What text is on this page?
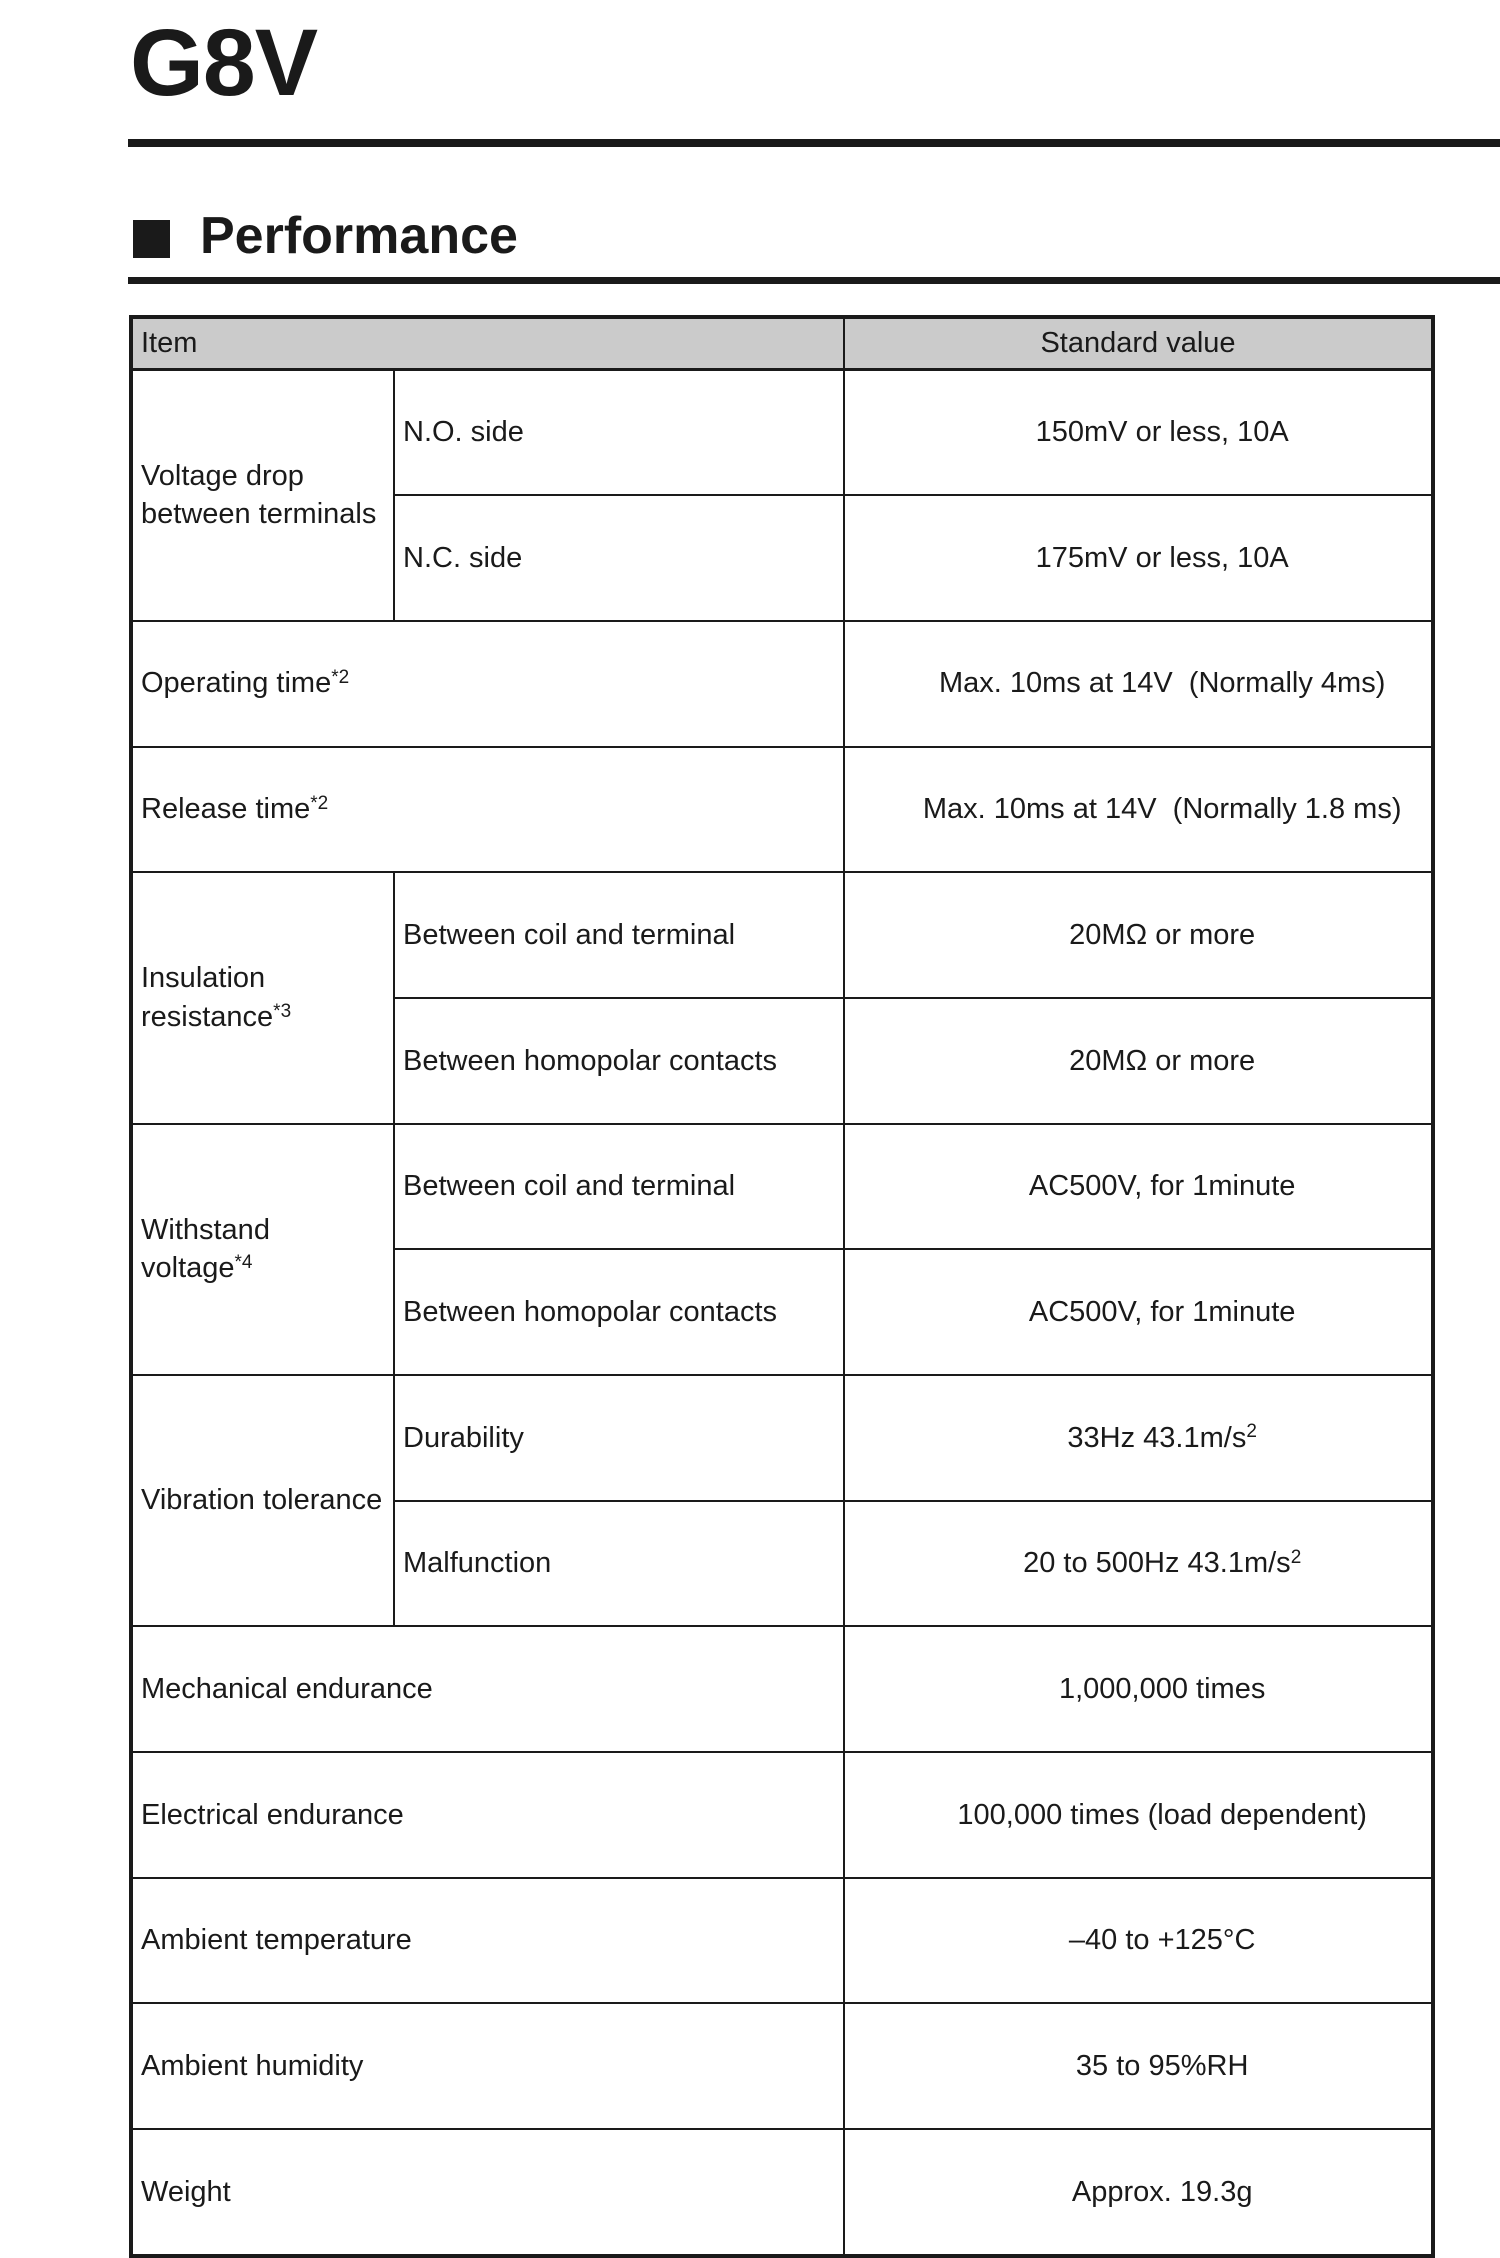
G8V
Performance
Item		Standard value
Voltage drop between terminals	N.O. side	150mV or less, 10A

	N.C. side	175mV or less, 10A

Operating time$^{*2}$		Max. 10ms at 14V  (Normally 4ms)

Release time$^{*2}$		Max. 10ms at 14V  (Normally 1.8 ms)

Insulation resistance$^{*3}$	Between coil and terminal	20MΩ or more

	Between homopolar contacts	20MΩ or more

Withstand voltage$^{*4}$	Between coil and terminal	AC500V, for 1minute

	Between homopolar contacts	AC500V, for 1minute

Vibration tolerance	Durability	33Hz $43.1m/s^2$

	Malfunction	20 to 500Hz $43.1m/s^2$

Mechanical endurance		1,000,000 times

Electrical endurance		100,000 times (load dependent)

Ambient temperature		–40 to +125°C

Ambient humidity		35 to 95%RH

Weight		Approx. 19.3g
